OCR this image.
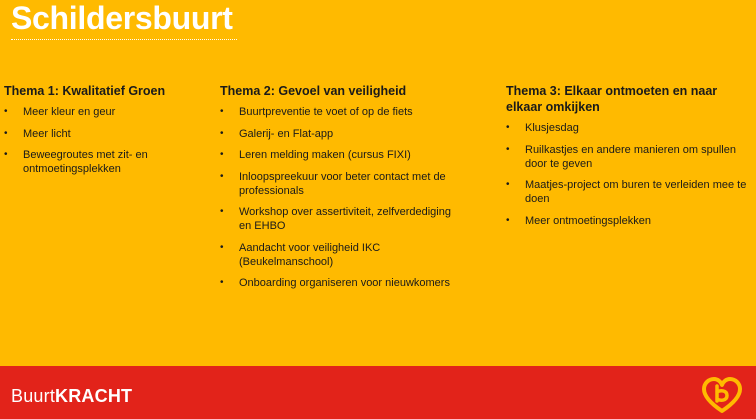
Schildersbuurt
Thema 1: Kwalitatief Groen
• Meer kleur en geur
• Meer licht
• Beweegroutes met zit- en ontmoetingsplekken
Thema 2: Gevoel van veiligheid
• Buurtpreventie te voet of op de fiets
• Galerij- en Flat-app
• Leren melding maken (cursus FIXI)
• Inloopspreekuur voor beter contact met de professionals
• Workshop over assertiviteit, zelfverdediging en EHBO
• Aandacht voor veiligheid IKC (Beukelmanschool)
• Onboarding organiseren voor nieuwkomers
Thema 3: Elkaar ontmoeten en naar elkaar omkijken
• Klusjesdag
• Ruilkastjes en andere manieren om spullen door te geven
• Maatjes-project om buren te verleiden mee te doen
• Meer ontmoetingsplekken
BuurtKRACHT
